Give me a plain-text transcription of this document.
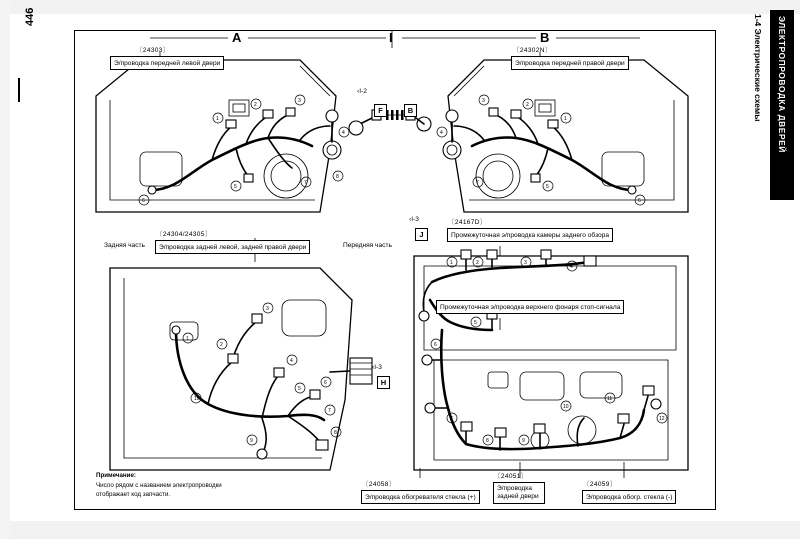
446	ЭЛЕКТРОПРОВОДКА ДВЕРЕЙ
1-4 Электрические схемы
A	I	B
1
2
3
4
5
6
7
8
1
2
3
4
5
6
7
1
2
3
4
5
6
7
8
9
10
1	2	3
4
5
6
7
8	9
10
11
12
〔24303〕
Э/проводка передней левой двери
〔24302N〕
Э/проводка передней правой двери
‹I-2
F	B
〔24304/24305〕
Э/проводка задней левой, задней правой двери
Задняя часть	Передняя часть
‹I-3
J
〔24167D〕
Промежуточная э/проводка камеры заднего обзора
Промежуточная э/проводка верхнего фонаря стоп-сигнала
‹I-3
H
〔24058〕
Э/проводка обогревателя стекла (+)
〔24051〕
Э/проводка задней двери
〔24059〕
Э/проводка обогр. стекла (-)
Примечание:
Число рядом с названием электропроводки
отображает код запчасти.
